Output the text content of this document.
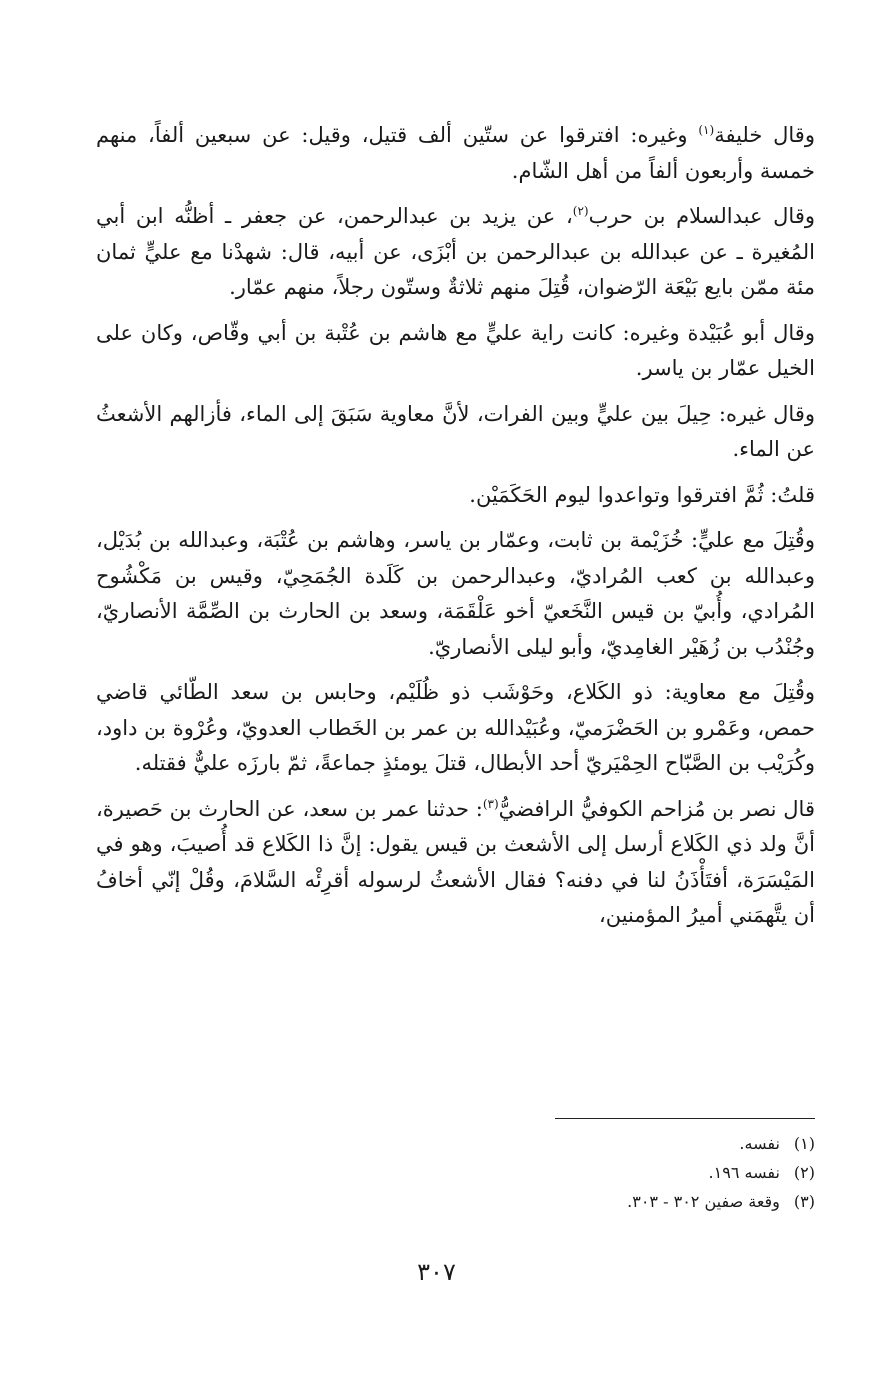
وقال خليفة$^{(١)}$ وغيره: افترقوا عن ستّين ألف قتيل، وقيل: عن سبعين ألفاً، منهم خمسة وأربعون ألفاً من أهل الشّام.

وقال عبدالسلام بن حرب$^{(٢)}$، عن يزيد بن عبدالرحمن، عن جعفر ـ أظنُّه ابن أبي المُغيرة ـ عن عبدالله بن عبدالرحمن بن أبْزَى، عن أبيه، قال: شهدْنا مع عليٍّ ثمان مئة ممّن بايع بَيْعَة الرّضوان، قُتِلَ منهم ثلاثةٌ وستّون رجلاً، منهم عمّار.

وقال أبو عُبَيْدة وغيره: كانت راية عليٍّ مع هاشم بن عُتْبة بن أبي وقّاص، وكان على الخيل عمّار بن ياسر.

وقال غيره: حِيلَ بين عليٍّ وبين الفرات، لأنَّ معاوية سَبَقَ إلى الماء، فأزالهم الأشعثُ عن الماء.

قلتُ: ثُمَّ افترقوا وتواعدوا ليوم الحَكَمَيْن.

وقُتِلَ مع عليٍّ: خُزَيْمة بن ثابت، وعمّار بن ياسر، وهاشم بن عُتْبَة، وعبدالله بن بُدَيْل، وعبدالله بن كعب المُراديّ، وعبدالرحمن بن كَلَدة الجُمَحِيّ، وقيس بن مَكْشُوح المُرادي، وأُبيّ بن قيس النَّخَعيّ أخو عَلْقَمَة، وسعد بن الحارث بن الصِّمَّة الأنصاريّ، وجُنْدُب بن زُهَيْر الغامِديّ، وأبو ليلى الأنصاريّ.

وقُتِلَ مع معاوية: ذو الكَلاع، وحَوْشَب ذو ظُلَيْم، وحابس بن سعد الطّائي قاضي حمص، وعَمْرو بن الحَضْرَميّ، وعُبَيْدالله بن عمر بن الخَطاب العدويّ، وعُرْوة بن داود، وكُرَيْب بن الصَّبّاح الحِمْيَريّ أحد الأبطال، قتلَ يومئذٍ جماعةً، ثمّ بارزَه عليٌّ فقتله.

قال نصر بن مُزاحم الكوفيُّ الرافضيُّ$^{(٣)}$: حدثنا عمر بن سعد، عن الحارث بن حَصيرة، أنَّ ولد ذي الكَلاع أرسل إلى الأشعث بن قيس يقول: إنَّ ذا الكَلاع قد أُصيبَ، وهو في المَيْسَرَة، أفتَأْذَنُ لنا في دفنه؟ فقال الأشعثُ لرسوله أقرِئْه السَّلامَ، وقُلْ إنّي أخافُ أن يتَّهمَني أميرُ المؤمنين،

(١)نفسه.

(٢)نفسه ١٩٦.

(٣)وقعة صفين ٣٠٢ - ٣٠٣.

٣٠٧
